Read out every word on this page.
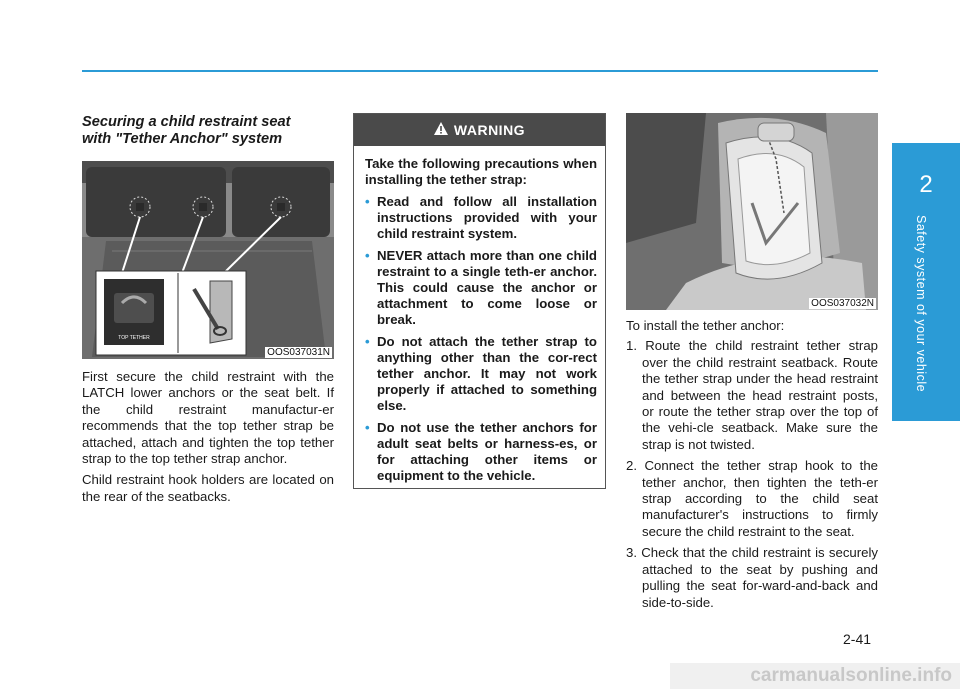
2
Safety system of your vehicle
Securing a child restraint seat
with "Tether Anchor" system
TOP TETHER
OOS037031N

First secure the child restraint with the LATCH lower anchors or the seat belt. If the child restraint manufactur-er recommends that the top tether strap be attached, attach and tighten the top tether strap to the top tether strap anchor.

Child restraint hook holders are located on the rear of the seatbacks.

WARNING

Take the following precautions when installing the tether strap:

• Read and follow all installation instructions provided with your child restraint system.
• NEVER attach more than one child restraint to a single teth-er anchor. This could cause the anchor or attachment to come loose or break.
• Do not attach the tether strap to anything other than the cor-rect tether anchor. It may not work properly if attached to something else.
• Do not use the tether anchors for adult seat belts or harness-es, or for attaching other items or equipment to the vehicle.
OOS037032N

To install the tether anchor:

1. Route the child restraint tether strap over the child restraint seatback. Route the tether strap under the head restraint and between the head restraint posts, or route the tether strap over the top of the vehi-cle seatback. Make sure the strap is not twisted.
2. Connect the tether strap hook to the tether anchor, then tighten the teth-er strap according to the child seat manufacturer's instructions to firmly secure the child restraint to the seat.
3. Check that the child restraint is securely attached to the seat by pushing and pulling the seat for-ward-and-back and side-to-side.
2-41
carmanualsonline.info
